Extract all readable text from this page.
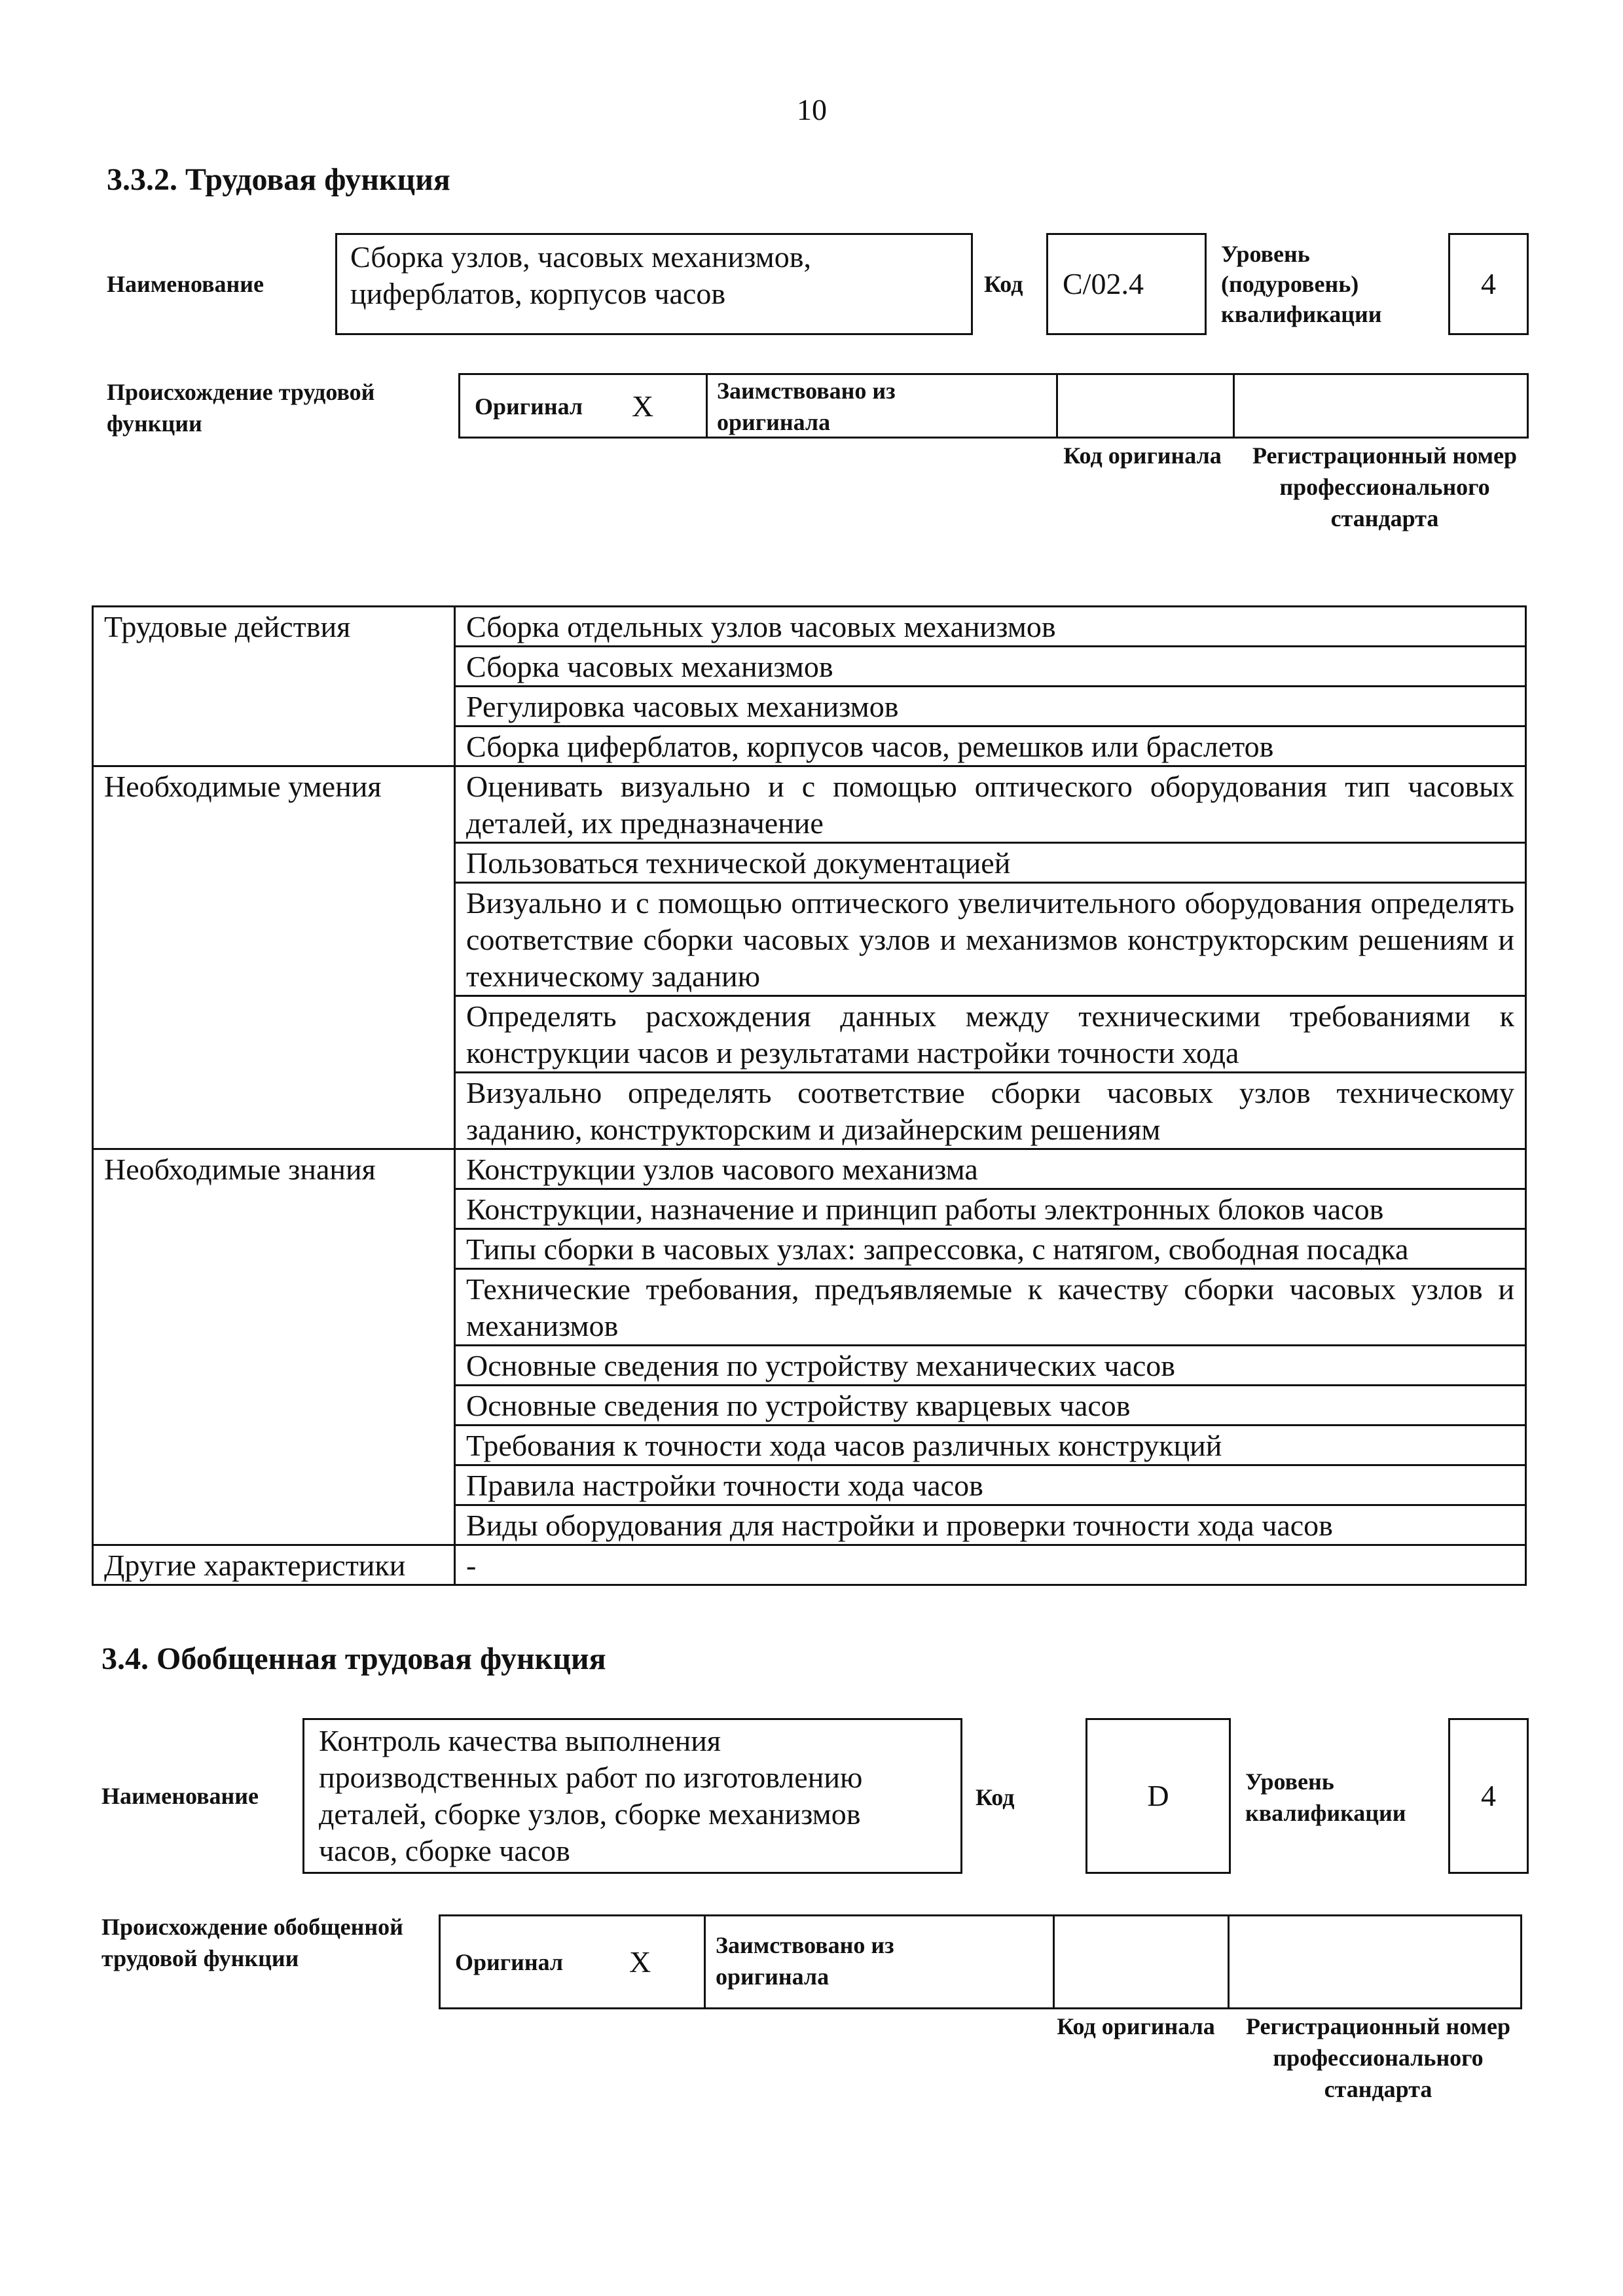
10
3.3.2. Трудовая функция
Наименование
Сборка узлов, часовых механизмов, циферблатов, корпусов часов	Код	C/02.4
Уровень (подуровень) квалификации
4
Происхождение трудовой функции
Оригинал X	Заимствовано из оригинала
Код оригинала	Регистрационный номер профессионального стандарта
Трудовые действия	Сборка отдельных узлов часовых механизмов
	Сборка часовых механизмов
	Регулировка часовых механизмов
	Сборка циферблатов, корпусов часов, ремешков или браслетов
Необходимые умения	Оценивать визуально и с помощью оптического оборудования тип часовых деталей, их предназначение
	Пользоваться технической документацией
	Визуально и с помощью оптического увеличительного оборудования определять соответствие сборки часовых узлов и механизмов конструкторским решениям и техническому заданию
	Определять расхождения данных между техническими требованиями к конструкции часов и результатами настройки точности хода
	Визуально определять соответствие сборки часовых узлов техническому заданию, конструкторским и дизайнерским решениям
Необходимые знания	Конструкции узлов часового механизма
	Конструкции, назначение и принцип работы электронных блоков часов
	Типы сборки в часовых узлах: запрессовка, с натягом, свободная посадка
	Технические требования, предъявляемые к качеству сборки часовых узлов и механизмов
	Основные сведения по устройству механических часов
	Основные сведения по устройству кварцевых часов
	Требования к точности хода часов различных конструкций
	Правила настройки точности хода часов
	Виды оборудования для настройки и проверки точности хода часов
Другие характеристики	-
3.4. Обобщенная трудовая функция
Наименование
Контроль качества выполнения производственных работ по изготовлению деталей, сборке узлов, сборке механизмов часов, сборке часов
Код	D	Уровень квалификации
4
Происхождение обобщенной трудовой функции	Оригинал X	Заимствовано из оригинала
Код оригинала	Регистрационный номер профессионального стандарта
